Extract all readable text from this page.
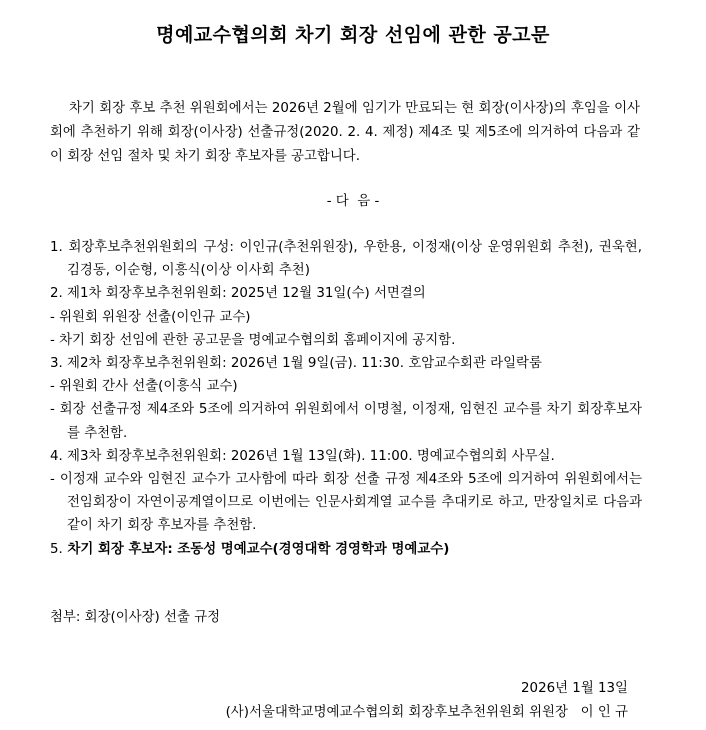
명예교수협의회 차기 회장 선임에 관한 공고문

차기 회장 후보 추천 위원회에서는 2026년 2월에 임기가 만료되는 현 회장(이사장)의 후임을 이사회에 추천하기 위해 회장(이사장) 선출규정(2020. 2. 4. 제정) 제4조 및 제5조에 의거하여 다음과 같이 회장 선임 절차 및 차기 회장 후보자를 공고합니다.

- 다  음 -
1. 회장후보추천위원회의 구성: 이인규(추천위원장), 우한용, 이정재(이상 운영위원회 추천), 권욱현, 김경동, 이순형, 이흥식(이상 이사회 추천)
2. 제1차 회장후보추천위원회: 2025년 12월 31일(수) 서면결의
- 위원회 위원장 선출(이인규 교수)
- 차기 회장 선임에 관한 공고문을 명예교수협의회 홈페이지에 공지함.
3. 제2차 회장후보추천위원회: 2026년 1월 9일(금). 11:30. 호암교수회관 라일락룸
- 위원회 간사 선출(이흥식 교수)
- 회장 선출규정 제4조와 5조에 의거하여 위원회에서 이명철, 이정재, 임현진 교수를 차기 회장후보자를 추천함.
4. 제3차 회장후보추천위원회: 2026년 1월 13일(화). 11:00. 명예교수협의회 사무실.
- 이정재 교수와 임현진 교수가 고사함에 따라 회장 선출 규정 제4조와 5조에 의거하여 위원회에서는 전임회장이 자연이공계열이므로 이번에는 인문사회계열 교수를 추대키로 하고, 만장일치로 다음과 같이 차기 회장 후보자를 추천함.
5. 차기 회장 후보자: 조동성 명예교수(경영대학 경영학과 명예교수)
첨부: 회장(이사장) 선출 규정
2026년 1월 13일
(사)서울대학교명예교수협의회 회장후보추천위원회 위원장   이 인 규
